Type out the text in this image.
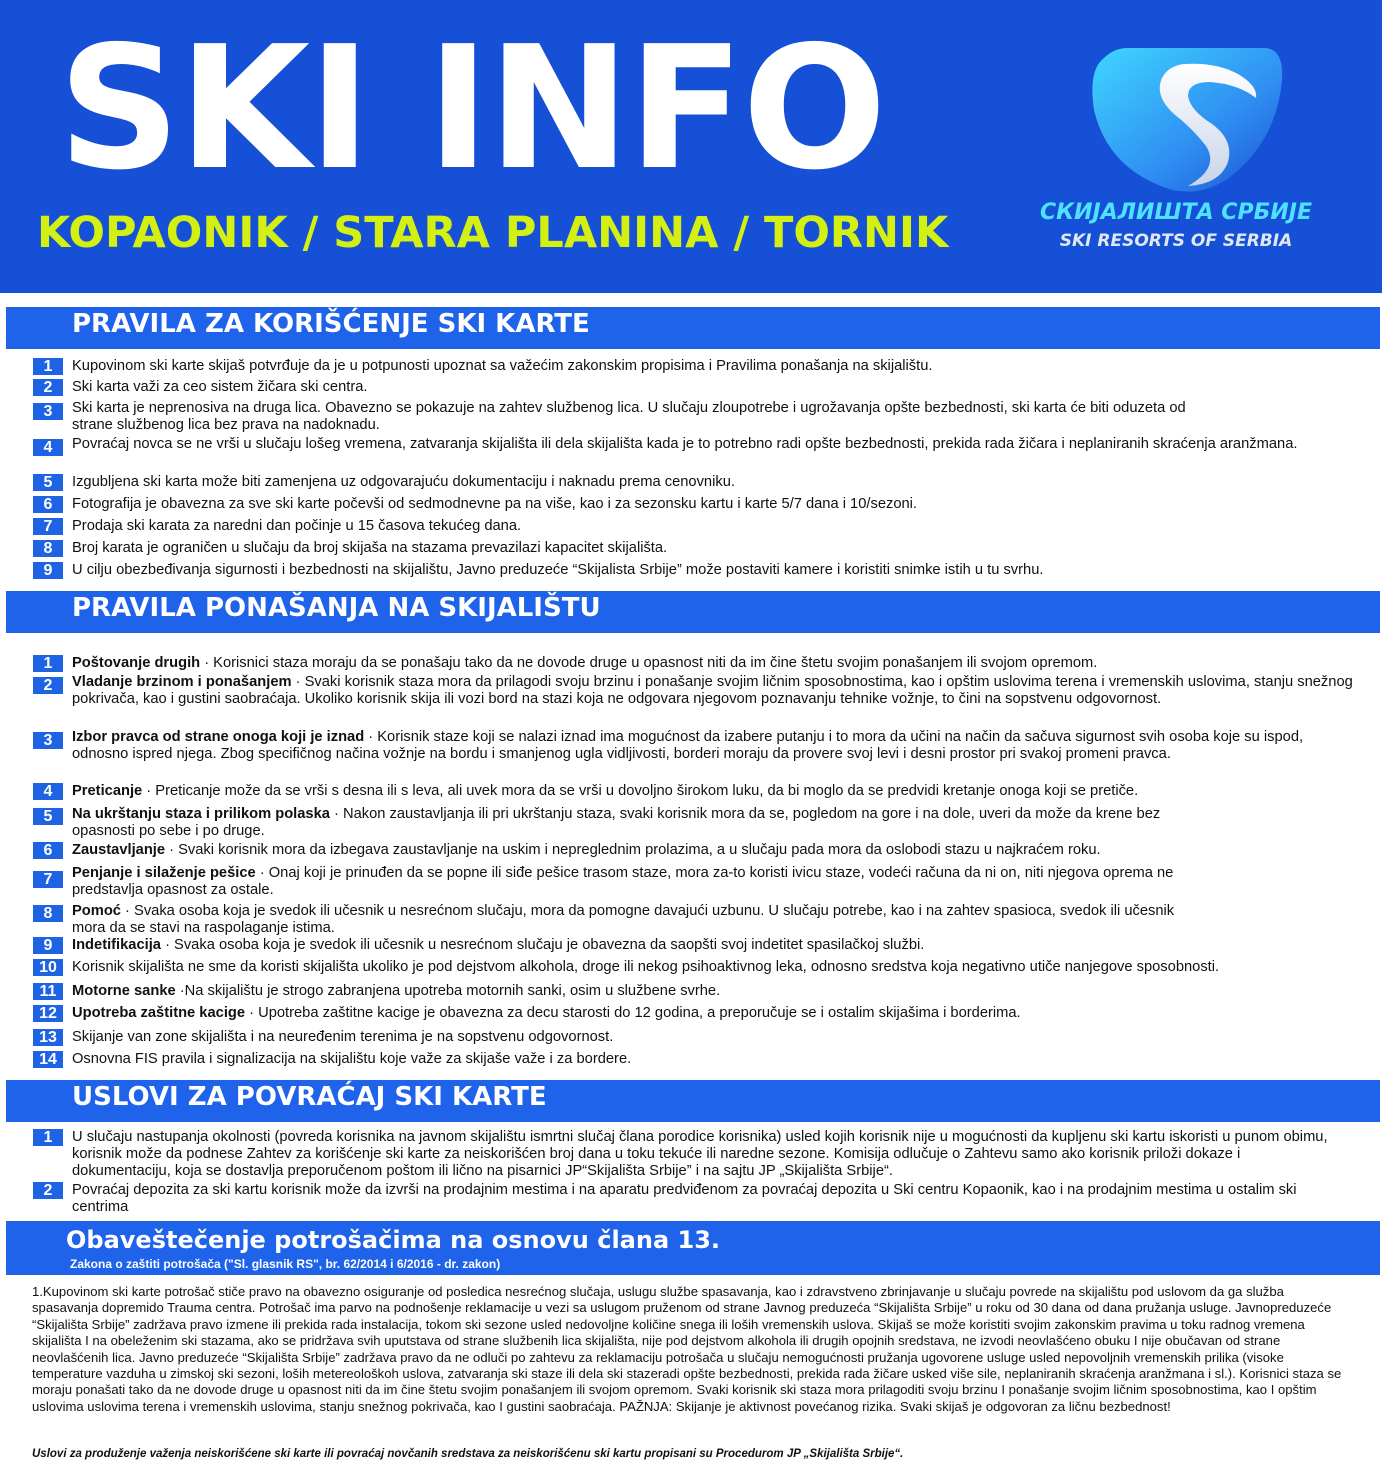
SKI INFO
KOPAONIK / STARA PLANINA / TORNIK	СКИЈАЛИШТА СРБИЈЕ
SKI RESORTS OF SERBIA
PRAVILA ZA KORIŠĆENJE SKI KARTE
1	Kupovinom ski karte skijaš potvrđuje da je u potpunosti upoznat sa važećim zakonskim propisima i Pravilima ponašanja na skijalištu.
2	Ski karta važi za ceo sistem žičara ski centra.
3	Ski karta je neprenosiva na druga lica. Obavezno se pokazuje na zahtev službenog lica. U slučaju zloupotrebe i ugrožavanja opšte bezbednosti, ski karta će biti oduzeta od strane službenog lica bez prava na nadoknadu.
4	Povraćaj novca se ne vrši u slučaju lošeg vremena, zatvaranja skijališta ili dela skijališta kada je to potrebno radi opšte bezbednosti, prekida rada žičara i neplaniranih skraćenja aranžmana.
5	Izgubljena ski karta može biti zamenjena uz odgovarajuću dokumentaciju i naknadu prema cenovniku.
6	Fotografija je obavezna za sve ski karte počevši od sedmodnevne pa na više, kao i za sezonsku kartu i karte 5/7 dana i 10/sezoni.
7	Prodaja ski karata za naredni dan počinje u 15 časova tekućeg dana.
8	Broj karata je ograničen u slučaju da broj skijaša na stazama prevazilazi kapacitet skijališta.
9	U cilju obezbeđivanja sigurnosti i bezbednosti na skijalištu, Javno preduzeće “Skijalista Srbije” može postaviti kamere i koristiti snimke istih u tu svrhu.
PRAVILA PONAŠANJA NA SKIJALIŠTU
1	Poštovanje drugih · Korisnici staza moraju da se ponašaju tako da ne dovode druge u opasnost niti da im čine štetu svojim ponašanjem ili svojom opremom.
2	Vladanje brzinom i ponašanjem · Svaki korisnik staza mora da prilagodi svoju brzinu i ponašanje svojim ličnim sposobnostima, kao i opštim uslovima terena i vremenskih uslovima, stanju snežnog pokrivača, kao i gustini saobraćaja. Ukoliko korisnik skija ili vozi bord na stazi koja ne odgovara njegovom poznavanju tehnike vožnje, to čini na sopstvenu odgovornost.
3	Izbor pravca od strane onoga koji je iznad · Korisnik staze koji se nalazi iznad ima mogućnost da izabere putanju i to mora da učini na način da sačuva sigurnost svih osoba koje su ispod, odnosno ispred njega. Zbog specifičnog načina vožnje na bordu i smanjenog ugla vidljivosti, borderi moraju da provere svoj levi i desni prostor pri svakoj promeni pravca.
4	Preticanje · Preticanje može da se vrši s desna ili s leva, ali uvek mora da se vrši u dovoljno širokom luku, da bi moglo da se predvidi kretanje onoga koji se pretiče.
5	Na ukrštanju staza i prilikom polaska · Nakon zaustavljanja ili pri ukrštanju staza, svaki korisnik mora da se, pogledom na gore i na dole, uveri da može da krene bez opasnosti po sebe i po druge.
6	Zaustavljanje · Svaki korisnik mora da izbegava zaustavljanje na uskim i nepreglednim prolazima, a u slučaju pada mora da oslobodi stazu u najkraćem roku.
7	Penjanje i silaženje pešice · Onaj koji je prinuđen da se popne ili siđe pešice trasom staze, mora za-to koristi ivicu staze, vodeći računa da ni on, niti njegova oprema ne predstavlja opasnost za ostale.
8	Pomoć · Svaka osoba koja je svedok ili učesnik u nesrećnom slučaju, mora da pomogne davajući uzbunu. U slučaju potrebe, kao i na zahtev spasioca, svedok ili učesnik mora da se stavi na raspolaganje istima.
9	Indetifikacija · Svaka osoba koja je svedok ili učesnik u nesrećnom slučaju je obavezna da saopšti svoj indetitet spasilačkoj službi.
10	Korisnik skijališta ne sme da koristi skijališta ukoliko je pod dejstvom alkohola, droge ili nekog psihoaktivnog leka, odnosno sredstva koja negativno utiče nanjegove sposobnosti.
11	Motorne sanke ·Na skijalištu je strogo zabranjena upotreba motornih sanki, osim u službene svrhe.
12	Upotreba zaštitne kacige · Upotreba zaštitne kacige je obavezna za decu starosti do 12 godina, a preporučuje se i ostalim skijašima i borderima.
13	Skijanje van zone skijališta i na neuređenim terenima je na sopstvenu odgovornost.
14	Osnovna FIS pravila i signalizacija na skijalištu koje važe za skijaše važe i za bordere.
USLOVI ZA POVRAĆAJ SKI KARTE
1	U slučaju nastupanja okolnosti (povreda korisnika na javnom skijalištu ismrtni slučaj člana porodice korisnika) usled kojih korisnik nije u mogućnosti da kupljenu ski kartu iskoristi u punom obimu, korisnik može da podnese Zahtev za korišćenje ski karte za neiskorišćen broj dana u toku tekuće ili naredne sezone. Komisija odlučuje o Zahtevu samo ako korisnik priloži dokaze i dokumentaciju, koja se dostavlja preporučenom poštom ili lično na pisarnici JP“Skijališta Srbije” i na sajtu JP „Skijališta Srbije“.
2	Povraćaj depozita za ski kartu korisnik može da izvrši na prodajnim mestima i na aparatu predviđenom za povraćaj depozita u Ski centru Kopaonik, kao i na prodajnim mestima u ostalim ski centrima
Obaveštečenje potrošačima na osnovu člana 13.
Zakona o zaštiti potrošača ("Sl. glasnik RS", br. 62/2014 i 6/2016 - dr. zakon)
1.Kupovinom ski karte potrošač stiče pravo na obavezno osiguranje od posledica nesrećnog slučaja, uslugu službe spasavanja, kao i zdravstveno zbrinjavanje u slučaju povrede na skijalištu pod uslovom da ga služba spasavanja dopremido Trauma centra. Potrošač ima parvo na podnošenje reklamacije u vezi sa uslugom pruženom od strane Javnog preduzeća “Skijališta Srbije” u roku od 30 dana od dana pružanja usluge. Javnopreduzeće “Skijališta Srbije” zadržava pravo izmene ili prekida rada instalacija, tokom ski sezone usled nedovoljne količine snega ili loših vremenskih uslova. Skijaš se može koristiti svojim zakonskim pravima u toku radnog vremena skijališta I na obeleženim ski stazama, ako se pridržava svih uputstava od strane službenih lica skijališta, nije pod dejstvom alkohola ili drugih opojnih sredstava, ne izvodi neovlašćeno obuku I nije obučavan od strane neovlašćenih lica. Javno preduzeće “Skijališta Srbije” zadržava pravo da ne odluči po zahtevu za reklamaciju potrošača u slučaju nemogućnosti pružanja ugovorene usluge usled nepovoljnih vremenskih prilika (visoke temperature vazduha u zimskoj ski sezoni, loših metereološkoh uslova, zatvaranja ski staze ili dela ski stazeradi opšte bezbednosti, prekida rada žičare usked više sile, neplaniranih skraćenja aranžmana i sl.). Korisnici staza se moraju ponašati tako da ne dovode druge u opasnost niti da im čine štetu svojim ponašanjem ili svojom opremom. Svaki korisnik ski staza mora prilagoditi svoju brzinu I ponašanje svojim ličnim sposobnostima, kao I opštim uslovima uslovima terena i vremenskih uslovima, stanju snežnog pokrivača, kao I gustini saobraćaja. PAŽNJA: Skijanje je aktivnost povećanog rizika. Svaki skijaš je odgovoran za ličnu bezbednost!
Uslovi za produženje važenja neiskorišćene ski karte ili povraćaj novčanih sredstava za neiskorišćenu ski kartu propisani su Procedurom JP „Skijališta Srbije“.
